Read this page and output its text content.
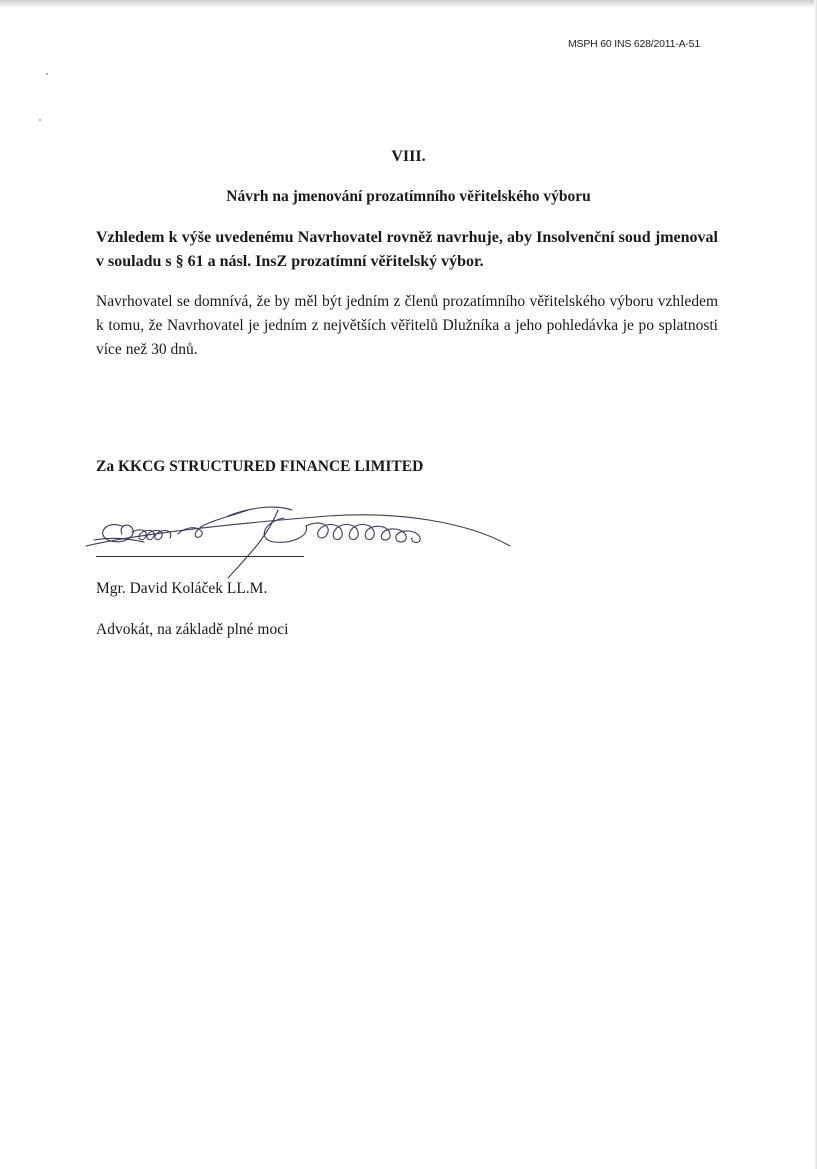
MSPH 60 INS 628/2011-A-51
VIII.
Návrh na jmenování prozatímního věřitelského výboru
Vzhledem k výše uvedenému Navrhovatel rovněž navrhuje, aby Insolvenční soud jmenoval v souladu s § 61 a násl. InsZ prozatímní věřitelský výbor.
Navrhovatel se domnívá, že by měl být jedním z členů prozatímního věřitelského výboru vzhledem k tomu, že Navrhovatel je jedním z největších věřitelů Dlužníka a jeho pohledávka je po splatnosti více než 30 dnů.
Za KKCG STRUCTURED FINANCE LIMITED
Mgr. David Koláček LL.M.
Advokát, na základě plné moci
